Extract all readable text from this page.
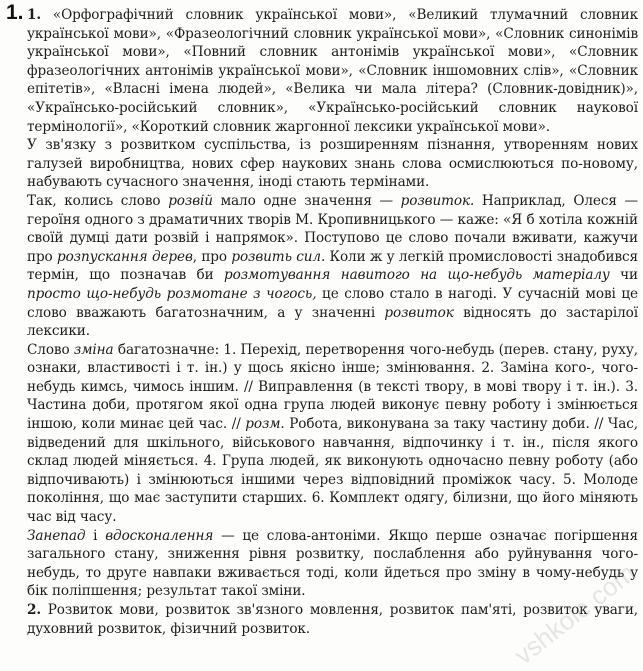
1. 1. «Орфографічний словник української мови», «Великий тлумачний словник української мови», «Фразеологічний словник української мови», «Словник синонімів української мови», «Повний словник антонімів української мови», «Словник фразеологічних антонімів української мови», «Словник іншомовних слів», «Словник епітетів», «Власні імена людей», «Велика чи мала літера? (Словник-довідник)», «Українсько-російський словник», «Українсько-російський словник наукової термінології», «Короткий словник жаргонної лексики української мови».

У зв'язку з розвитком суспільства, із розширенням пізнання, утворенням нових галузей виробництва, нових сфер наукових знань слова осмислюються по-новому, набувають сучасного значення, іноді стають термінами.

Так, колись слово розвій мало одне значення — розвиток. Наприклад, Олеся — героїня одного з драматичних творів М. Кропивницького — каже: «Я б хотіла кожній своїй думці дати розвій і напрямок». Поступово це слово почали вживати, кажучи про розпускання дерев, про розвить сил. Коли ж у легкій промисловості знадобився термін, що позначав би розмотування навитого на що-небудь матеріалу чи просто що-небудь розмотане з чогось, це слово стало в нагоді. У сучасній мові це слово вважають багатозначним, а у значенні розвиток відносять до застарілої лексики.

Слово зміна багатозначне: 1. Перехід, перетворення чого-небудь (перев. стану, руху, ознаки, властивості і т. ін.) у щось якісно інше; змінювання. 2. Заміна кого-, чого-небудь кимсь, чимось іншим. // Виправлення (в тексті твору, в мові твору і т. ін.). 3. Частина доби, протягом якої одна група людей виконує певну роботу і змінюється іншою, коли минає цей час. // розм. Робота, виконувана за таку частину доби. // Час, відведений для шкільного, військового навчання, відпочинку і т. ін., після якого склад людей міняється. 4. Група людей, як виконують одночасно певну роботу (або відпочивають) і змінюються іншими через відповідний проміжок часу. 5. Молоде покоління, що має заступити старших. 6. Комплект одягу, білизни, що його міняють час від часу.

Занепад і вдосконалення — це слова-антоніми. Якщо перше означає погіршення загального стану, зниження рівня розвитку, послаблення або руйнування чого-небудь, то друге навпаки вживається тоді, коли йдеться про зміну в чому-небудь у бік поліпшення; результат такої зміни.

2. Розвиток мови, розвиток зв'язного мовлення, розвиток пам'яті, розвиток уваги, духовний розвиток, фізичний розвиток.	vshkole.com
